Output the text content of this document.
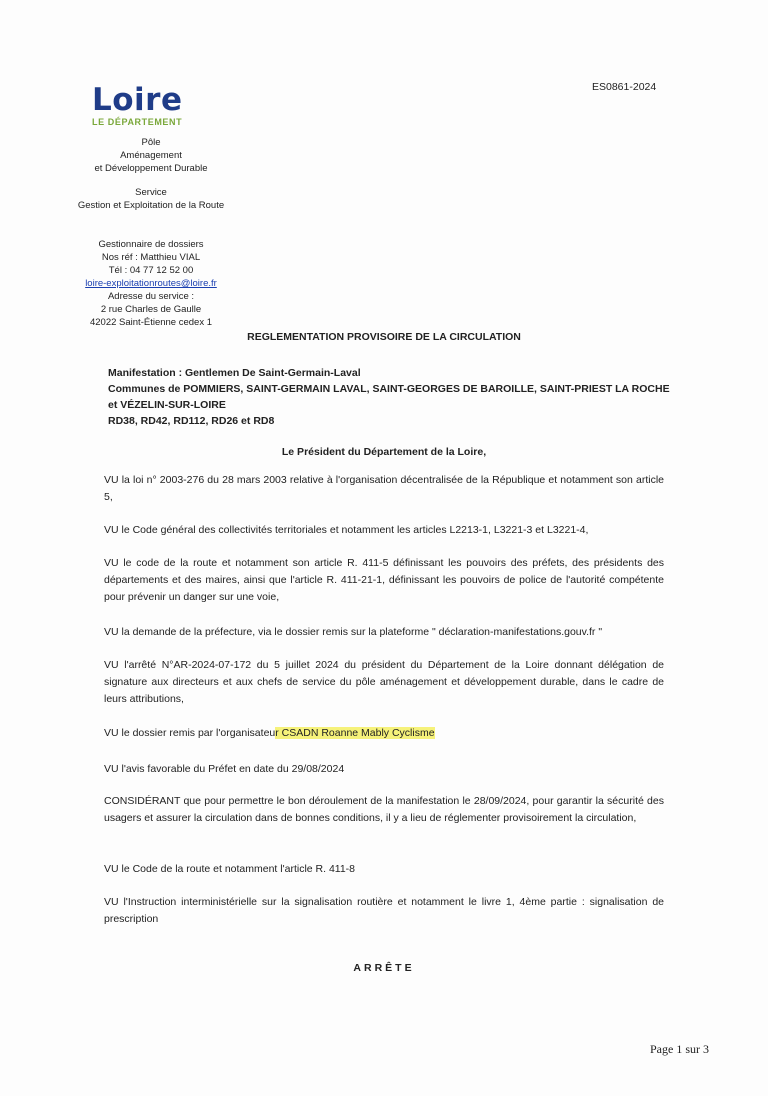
Loire
LE DÉPARTEMENT
ES0861-2024
Pôle
Aménagement
et Développement Durable
Service
Gestion et Exploitation de la Route
Gestionnaire de dossiers
Nos réf : Matthieu VIAL
Tél : 04 77 12 52 00
loire-exploitationroutes@loire.fr
Adresse du service :
2 rue Charles de Gaulle
42022 Saint-Étienne cedex 1
REGLEMENTATION PROVISOIRE DE LA CIRCULATION
Manifestation : Gentlemen De Saint-Germain-Laval
Communes de POMMIERS, SAINT-GERMAIN LAVAL, SAINT-GEORGES DE BAROILLE, SAINT-PRIEST LA ROCHE
et VÉZELIN-SUR-LOIRE
RD38, RD42, RD112, RD26 et RD8
Le Président du Département de la Loire,
VU la loi n° 2003-276 du 28 mars 2003 relative à l'organisation décentralisée de la République et notamment son article 5,
VU le Code général des collectivités territoriales et notamment les articles L2213-1, L3221-3 et L3221-4,
VU le code de la route et notamment son article R. 411-5 définissant les pouvoirs des préfets, des présidents des départements et des maires, ainsi que l'article R. 411-21-1, définissant les pouvoirs de police de l'autorité compétente pour prévenir un danger sur une voie,
VU la demande de la préfecture, via le dossier remis sur la plateforme " déclaration-manifestations.gouv.fr "
VU l'arrêté N°AR-2024-07-172 du 5 juillet 2024 du président du Département de la Loire donnant délégation de signature aux directeurs et aux chefs de service du pôle aménagement et développement durable, dans le cadre de leurs attributions,
VU le dossier remis par l'organisateur CSADN Roanne Mably Cyclisme
VU l'avis favorable du Préfet en date du 29/08/2024
CONSIDÉRANT que pour permettre le bon déroulement de la manifestation le 28/09/2024, pour garantir la sécurité des usagers et assurer la circulation dans de bonnes conditions, il y a lieu de réglementer provisoirement la circulation,
VU le Code de la route et notamment l'article R. 411-8
VU l'Instruction interministérielle sur la signalisation routière et notamment le livre 1, 4ème partie : signalisation de prescription
ARRÊTE
Page 1 sur 3
